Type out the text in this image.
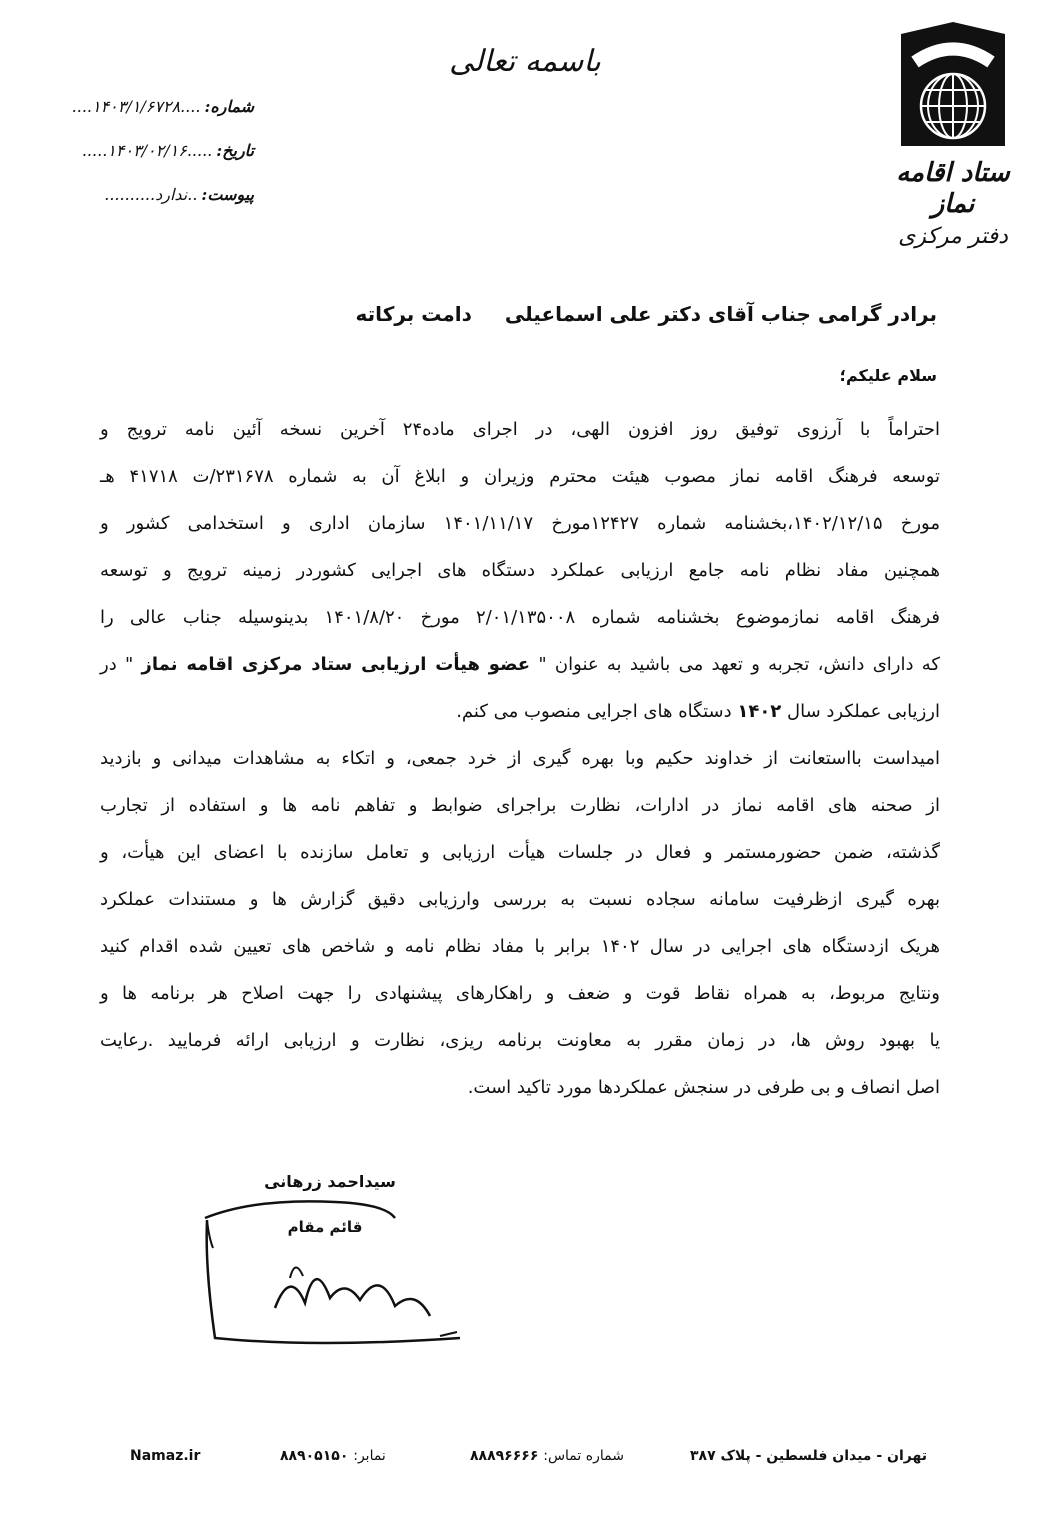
ستاد اقامه نماز
دفتر مرکزی
باسمه تعالی
شماره:
....۱۴۰۳/۱/۶۷۲۸....
تاریخ:
.....۱۴۰۳/۰۲/۱۶.....
پیوست:
..ندارد..........
برادر گرامی جناب آقای دکتر علی اسماعیلی دامت برکاته
سلام علیکم؛
احتراماً با آرزوی توفیق روز افزون الهی، در اجرای ماده۲۴ آخرین نسخه آئین نامه ترویج و
توسعه فرهنگ اقامه نماز مصوب هیئت محترم وزیران و ابلاغ آن به شماره ۲۳۱۶۷۸/ت ۴۱۷۱۸ هـ
مورخ ۱۴۰۲/۱۲/۱۵،بخشنامه شماره ۱۲۴۲۷مورخ ۱۴۰۱/۱۱/۱۷ سازمان اداری و استخدامی کشور و
همچنین مفاد نظام نامه جامع ارزیابی عملکرد دستگاه های اجرایی کشوردر زمینه ترویج و توسعه
فرهنگ اقامه نمازموضوع بخشنامه شماره ۲/۰۱/۱۳۵۰۰۸ مورخ ۱۴۰۱/۸/۲۰ بدینوسیله جناب عالی را
که دارای دانش، تجربه و تعهد می باشید به عنوان " عضو هیأت ارزیابی ستاد مرکزی اقامه نماز " در
ارزیابی عملکرد سال ۱۴۰۲ دستگاه های اجرایی منصوب می کنم.
امیداست بااستعانت از خداوند حکیم وبا بهره گیری از خرد جمعی، و اتکاء به مشاهدات میدانی و بازدید
از صحنه های اقامه نماز در ادارات، نظارت براجرای ضوابط و تفاهم نامه ها و استفاده از تجارب
گذشته، ضمن حضورمستمر و فعال در جلسات هیأت ارزیابی و تعامل سازنده با اعضای این هیأت، و
بهره گیری ازظرفیت سامانه سجاده نسبت به بررسی وارزیابی دقیق گزارش ها و مستندات عملکرد
هریک ازدستگاه های اجرایی در سال ۱۴۰۲ برابر با مفاد نظام نامه و شاخص های تعیین شده اقدام کنید
ونتایج مربوط، به همراه نقاط قوت و ضعف و راهکارهای پیشنهادی را جهت اصلاح هر برنامه ها و
یا بهبود روش ها، در زمان مقرر به معاونت برنامه ریزی، نظارت و ارزیابی ارائه فرمایید .رعایت
اصل انصاف و بی طرفی در سنجش عملکردها مورد تاکید است.
سیداحمد زرهانی
قائم مقام
Namaz.ir	نمابر: ۸۸۹۰۵۱۵۰	شماره تماس: ۸۸۸۹۶۶۶۶	تهران - میدان فلسطین - پلاک ۳۸۷
